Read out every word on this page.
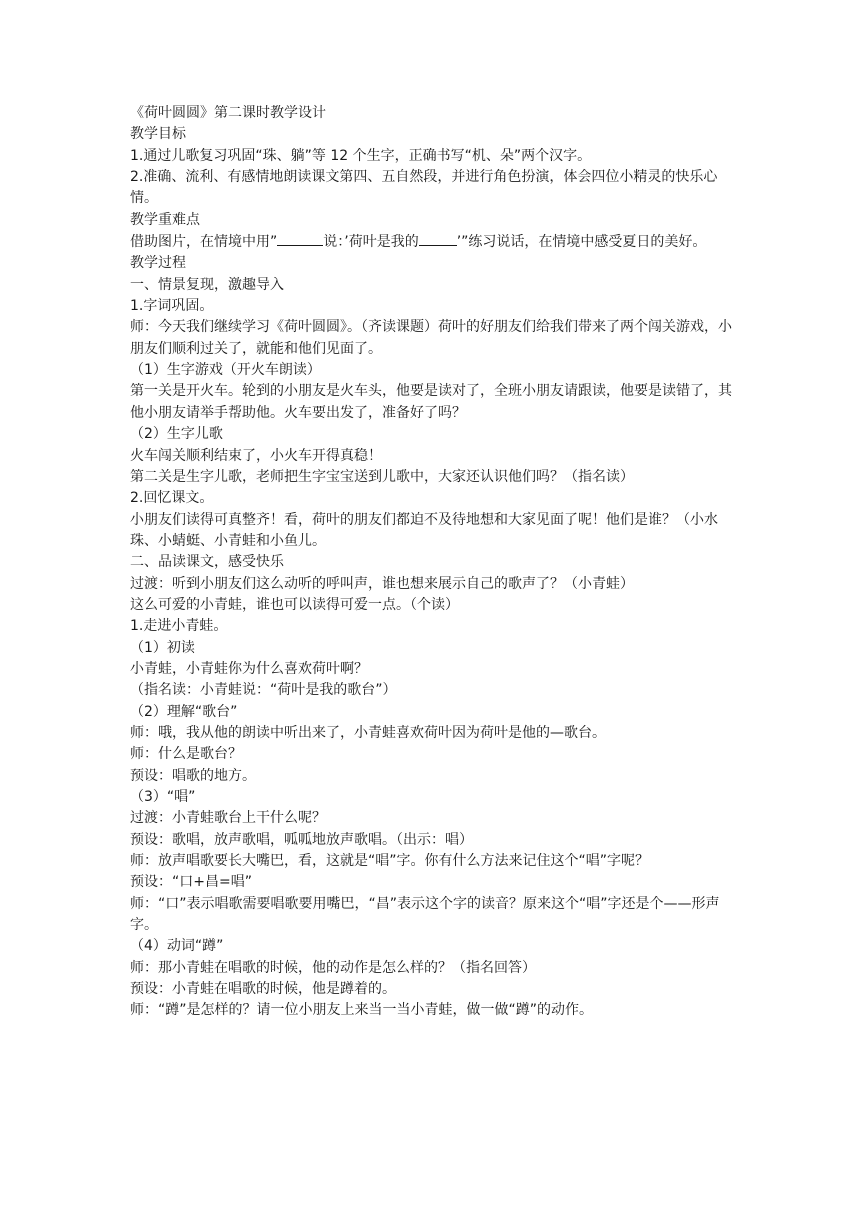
《荷叶圆圆》第二课时教学设计

教学目标

1.通过儿歌复习巩固“珠、躺”等 12 个生字，正确书写“机、朵”两个汉字。

2.准确、流利、有感情地朗读课文第四、五自然段，并进行角色扮演，体会四位小精灵的快乐心情。

教学重难点

借助图片，在情境中用”	说：’荷叶是我的	’”练习说话，在情境中感受夏日的美好。

教学过程

一、情景复现，激趣导入

1.字词巩固。

师：今天我们继续学习《荷叶圆圆》。（齐读课题）荷叶的好朋友们给我们带来了两个闯关游戏，小朋友们顺利过关了，就能和他们见面了。

（1）生字游戏（开火车朗读）

第一关是开火车。轮到的小朋友是火车头，他要是读对了，全班小朋友请跟读，他要是读错了，其他小朋友请举手帮助他。火车要出发了，准备好了吗？

（2）生字儿歌

火车闯关顺利结束了，小火车开得真稳！

第二关是生字儿歌，老师把生字宝宝送到儿歌中，大家还认识他们吗？（指名读）

2.回忆课文。

小朋友们读得可真整齐！看，荷叶的朋友们都迫不及待地想和大家见面了呢！他们是谁？（小水珠、小蜻蜓、小青蛙和小鱼儿。

二、品读课文，感受快乐

过渡：听到小朋友们这么动听的呼叫声，谁也想来展示自己的歌声了？（小青蛙）

这么可爱的小青蛙，谁也可以读得可爱一点。（个读）

1.走进小青蛙。

（1）初读

小青蛙，小青蛙你为什么喜欢荷叶啊？

（指名读：小青蛙说：“荷叶是我的歌台”）

（2）理解“歌台”

师：哦，我从他的朗读中听出来了，小青蛙喜欢荷叶因为荷叶是他的—歌台。

师：什么是歌台？

预设：唱歌的地方。

（3）“唱”

过渡：小青蛙歌台上干什么呢？

预设：歌唱，放声歌唱，呱呱地放声歌唱。（出示：唱）

师：放声唱歌要长大嘴巴，看，这就是“唱”字。你有什么方法来记住这个“唱”字呢？

预设：“口+昌=唱”

师：“口”表示唱歌需要唱歌要用嘴巴，“昌”表示这个字的读音？原来这个“唱”字还是个——形声字。

（4）动词“蹲”

师：那小青蛙在唱歌的时候，他的动作是怎么样的？（指名回答）

预设：小青蛙在唱歌的时候，他是蹲着的。

师：“蹲”是怎样的？请一位小朋友上来当一当小青蛙，做一做“蹲”的动作。
